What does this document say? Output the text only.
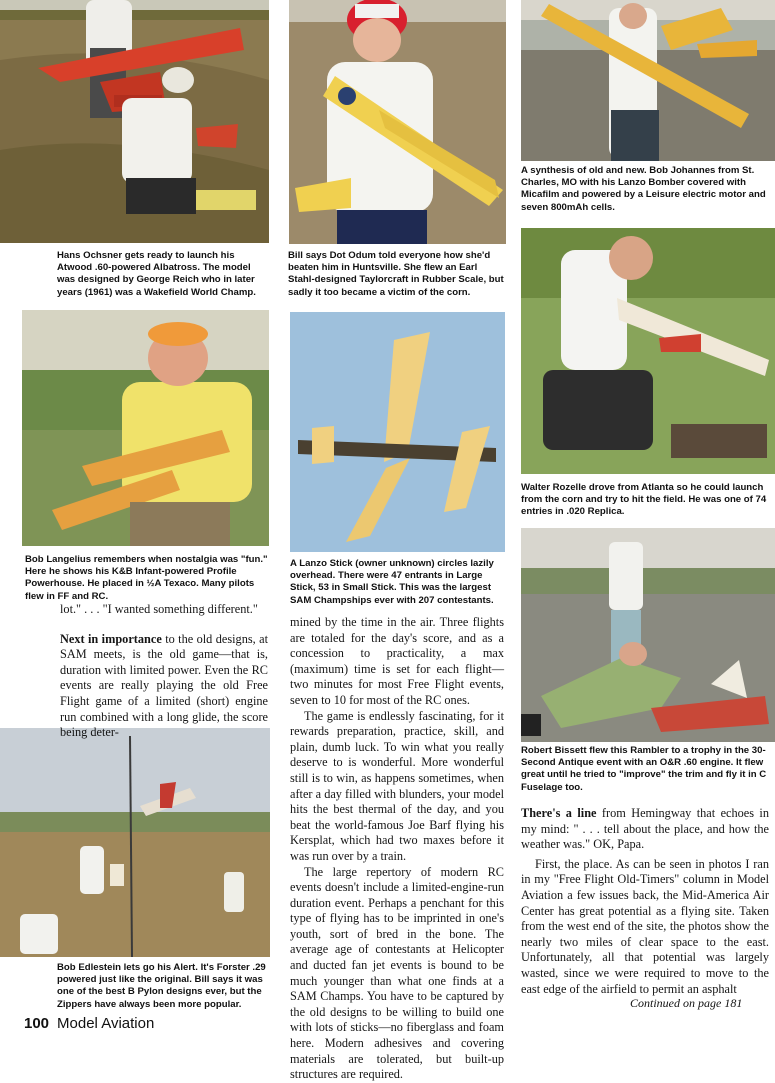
Hans Ochsner gets ready to launch his Atwood .60-powered Albatross. The model was designed by George Reich who in later years (1961) was a Wakefield World Champ.
Bill says Dot Odum told everyone how she'd beaten him in Huntsville. She flew an Earl Stahl-designed Taylorcraft in Rubber Scale, but sadly it too became a victim of the corn.
A synthesis of old and new. Bob Johannes from St. Charles, MO with his Lanzo Bomber covered with Micafilm and powered by a Leisure electric motor and seven 800mAh cells.
Bob Langelius remembers when nostalgia was "fun." Here he shows his K&B Infant-powered Profile Powerhouse. He placed in ½A Texaco. Many pilots flew in FF and RC.
A Lanzo Stick (owner unknown) circles lazily overhead. There were 47 entrants in Large Stick, 53 in Small Stick. This was the largest SAM Champships ever with 207 contestants.
Walter Rozelle drove from Atlanta so he could launch from the corn and try to hit the field. He was one of 74 entries in .020 Replica.
Robert Bissett flew this Rambler to a trophy in the 30-Second Antique event with an O&R .60 engine. It flew great until he tried to "improve" the trim and fly it in C Fuselage too.
Bob Edlestein lets go his Alert. It's Forster .29 powered just like the original. Bill says it was one of the best B Pylon designs ever, but the Zippers have always been more popular.

lot." . . . "I wanted something different."

Next in importance to the old designs, at SAM meets, is the old game—that is, duration with limited power. Even the RC events are really playing the old Free Flight game of a limited (short) engine run combined with a long glide, the score being deter-

mined by the time in the air. Three flights are totaled for the day's score, and as a concession to practicality, a max (maximum) time is set for each flight—two minutes for most Free Flight events, seven to 10 for most of the RC ones.

The game is endlessly fascinating, for it rewards preparation, practice, skill, and plain, dumb luck. To win what you really deserve to is wonderful. More wonderful still is to win, as happens sometimes, when after a day filled with blunders, your model hits the best thermal of the day, and you beat the world-famous Joe Barf flying his Kersplat, which had two maxes before it was run over by a train.

The large repertory of modern RC events doesn't include a limited-engine-run duration event. Perhaps a penchant for this type of flying has to be imprinted in one's youth, sort of bred in the bone. The average age of contestants at Helicopter and ducted fan jet events is bound to be much younger than what one finds at a SAM Champs. You have to be captured by the old designs to be willing to build one with lots of sticks—no fiberglass and foam here. Modern adhesives and covering materials are tolerated, but built-up structures are required.

There's a line from Hemingway that echoes in my mind: " . . . tell about the place, and how the weather was." OK, Papa.

First, the place. As can be seen in photos I ran in my "Free Flight Old-Timers" column in Model Aviation a few issues back, the Mid-America Air Center has great potential as a flying site. Taken from the west end of the site, the photos show the nearly two miles of clear space to the east. Unfortunately, all that potential was largely wasted, since we were required to move to the east edge of the airfield to permit an asphalt

Continued on page 181
100 Model Aviation
